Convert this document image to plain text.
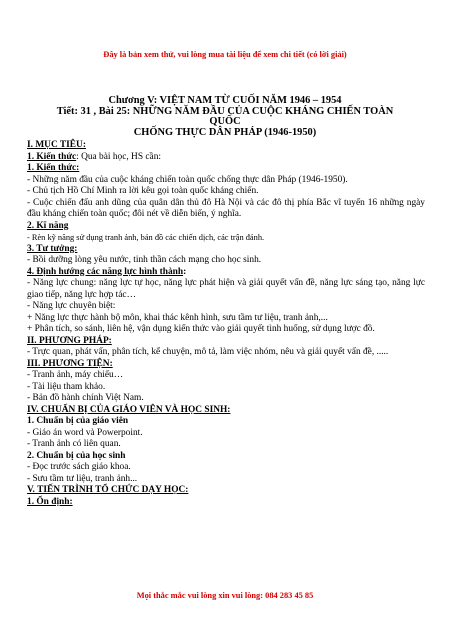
Đây là bản xem thử, vui lòng mua tài liệu để xem chi tiết (có lời giải)
Chương V: VIỆT NAM TỪ CUỐI NĂM 1946 – 1954
Tiết: 31 , Bài 25: NHỮNG NĂM ĐẦU CỦA CUỘC KHÁNG CHIẾN TOÀN
QUỐC
CHỐNG THỰC DÂN PHÁP (1946-1950)

I. MỤC TIÊU:

1. Kiến thức: Qua bài học, HS cần:

1. Kiến thức:

- Những năm đầu của cuộc kháng chiến toàn quốc chống thực dân Pháp (1946-1950).

- Chủ tịch Hồ Chí Minh ra lời kêu gọi toàn quốc kháng chiến.

- Cuộc chiến đấu anh dũng của quân dân thủ đô Hà Nội và các đô thị phía Bắc vĩ tuyến 16 những ngày đầu kháng chiến toàn quốc; đôi nét về diễn biến, ý nghĩa.

2. Kĩ năng

- Rèn kỹ năng sử dụng tranh ảnh, bản đồ các chiến dịch, các trận đánh.

3. Tư tưởng:

- Bồi dưỡng lòng yêu nước, tinh thần cách mạng cho học sinh.

4. Định hướng các năng lực hình thành:

- Năng lực chung: năng lực tự học, năng lực phát hiện và giải quyết vấn đề, năng lực sáng tạo, năng lực giao tiếp, năng lực hợp tác…

- Năng lực chuyên biệt:

+ Năng lực thực hành bộ môn, khai thác kênh hình, sưu tầm tư liệu, tranh ảnh,...

+ Phân tích, so sánh, liên hệ, vận dụng kiến thức vào giải quyết tình huống, sử dụng lược đồ.

II. PHƯƠNG PHÁP:

- Trực quan, phát vấn, phân tích, kể chuyện, mô tả, làm việc nhóm, nêu và giải quyết vấn đề, .....

III. PHƯƠNG TIỆN:

- Tranh ảnh, máy chiếu…

- Tài liệu tham khảo.

- Bản đồ hành chính Việt Nam.

IV. CHUẨN BỊ CỦA GIÁO VIÊN VÀ HỌC SINH:

1. Chuẩn bị của giáo viên

- Giáo án word và Powerpoint.

- Tranh ảnh có liên quan.

2. Chuẩn bị của học sinh

- Đọc trước sách giáo khoa.

- Sưu tầm tư liệu, tranh ảnh...

V. TIẾN TRÌNH TỔ CHỨC DẠY HỌC:

1. Ổn định:

Mọi thắc mắc vui lòng xin vui lòng: 084 283 45 85
